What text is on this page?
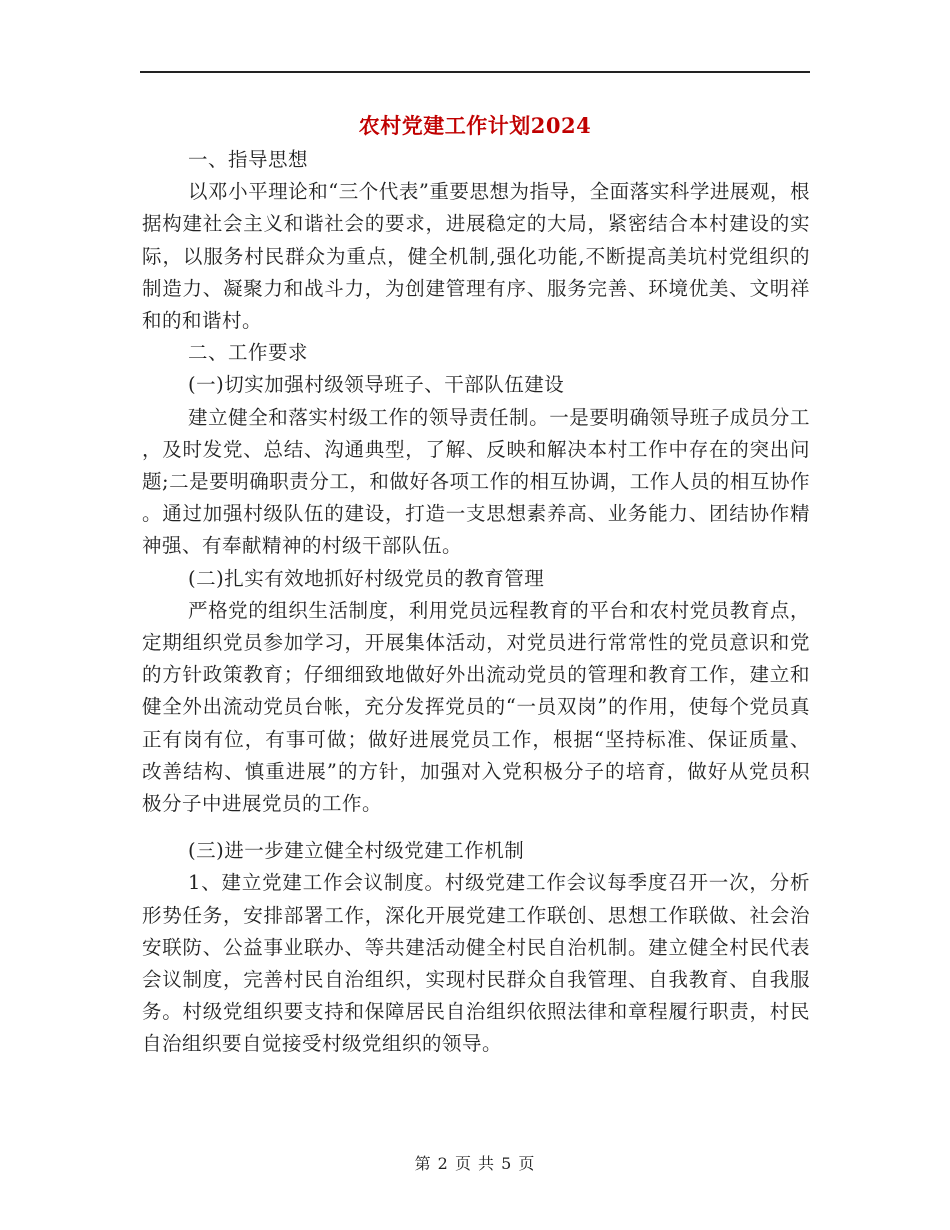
农村党建工作计划2024

一、指导思想

以邓小平理论和“三个代表”重要思想为指导，全面落实科学进展观，根据构建社会主义和谐社会的要求，进展稳定的大局，紧密结合本村建设的实际，以服务村民群众为重点，健全机制,强化功能,不断提高美坑村党组织的制造力、凝聚力和战斗力，为创建管理有序、服务完善、环境优美、文明祥和的和谐村。

二、工作要求

(一)切实加强村级领导班子、干部队伍建设

建立健全和落实村级工作的领导责任制。一是要明确领导班子成员分工，及时发党、总结、沟通典型，了解、反映和解决本村工作中存在的突出问题;二是要明确职责分工，和做好各项工作的相互协调，工作人员的相互协作。通过加强村级队伍的建设，打造一支思想素养高、业务能力、团结协作精神强、有奉献精神的村级干部队伍。

(二)扎实有效地抓好村级党员的教育管理

严格党的组织生活制度，利用党员远程教育的平台和农村党员教育点，定期组织党员参加学习，开展集体活动，对党员进行常常性的党员意识和党的方针政策教育；仔细细致地做好外出流动党员的管理和教育工作，建立和健全外出流动党员台帐，充分发挥党员的“一员双岗”的作用，使每个党员真正有岗有位，有事可做；做好进展党员工作，根据“坚持标准、保证质量、改善结构、慎重进展”的方针，加强对入党积极分子的培育，做好从党员积极分子中进展党员的工作。

(三)进一步建立健全村级党建工作机制

1、建立党建工作会议制度。村级党建工作会议每季度召开一次，分析形势任务，安排部署工作，深化开展党建工作联创、思想工作联做、社会治安联防、公益事业联办、等共建活动健全村民自治机制。建立健全村民代表会议制度，完善村民自治组织，实现村民群众自我管理、自我教育、自我服务。村级党组织要支持和保障居民自治组织依照法律和章程履行职责，村民自治组织要自觉接受村级党组织的领导。

第 2 页 共 5 页
